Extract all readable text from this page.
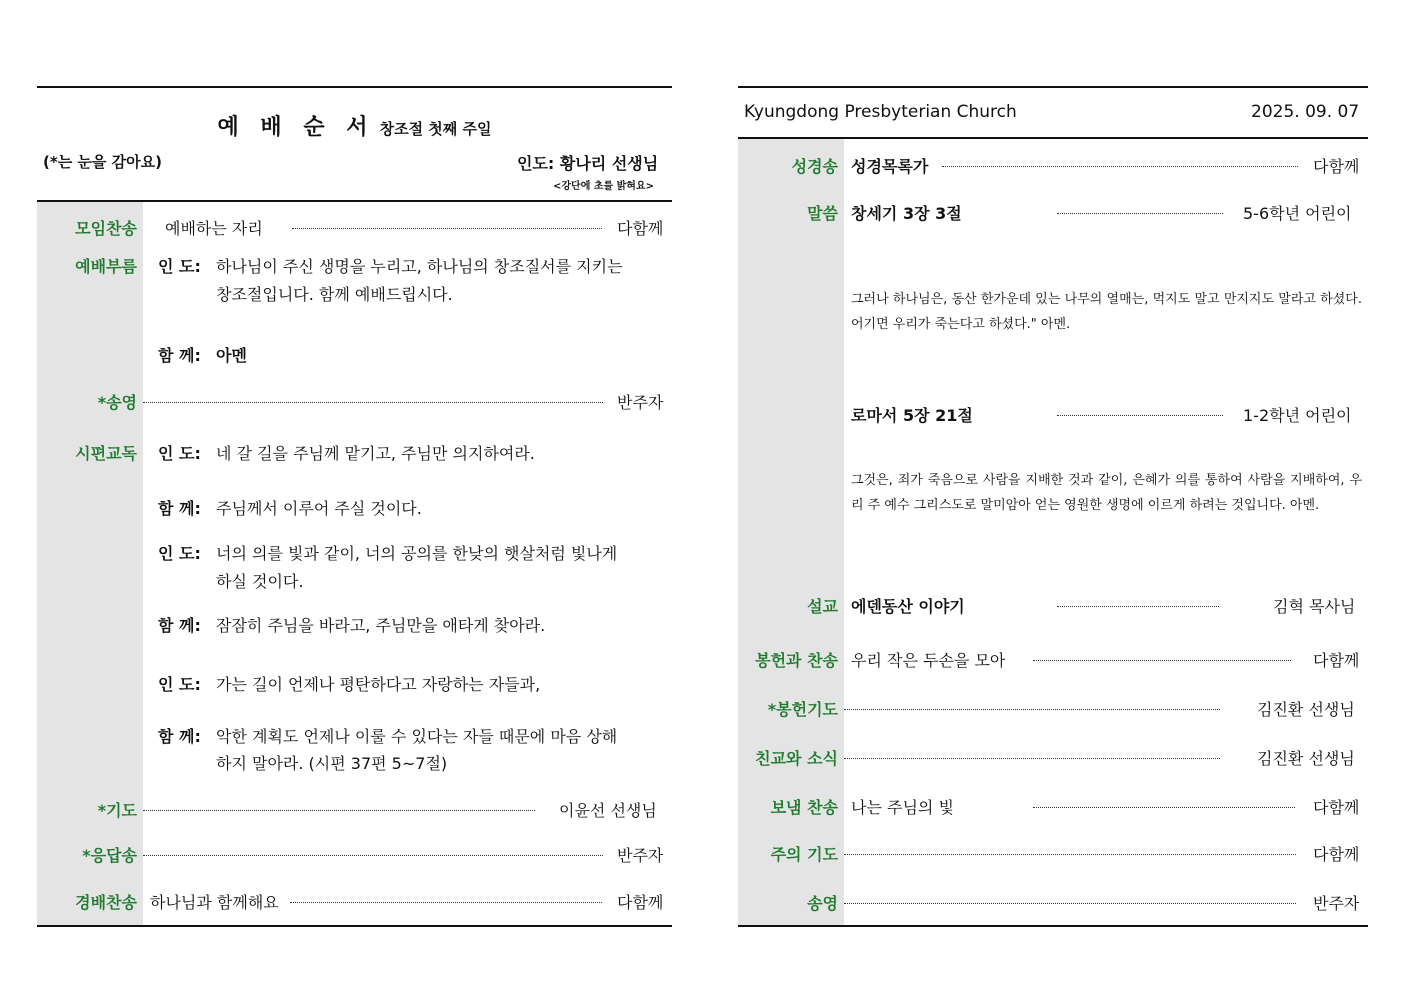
예 배 순 서 창조절 첫째 주일
(*는 눈을 감아요)	인도: 황나리 선생님
<강단에 초를 밝혀요>
모임찬송 예배하는 자리	다함께
예배부름 인 도: 하나님이 주신 생명을 누리고, 하나님의 창조질서를 지키는
창조절입니다. 함께 예배드립시다.
함 께: 아멘
*송영	반주자
시편교독 인 도: 네 갈 길을 주님께 맡기고, 주님만 의지하여라.
함 께: 주님께서 이루어 주실 것이다.
인 도: 너의 의를 빛과 같이, 너의 공의를 한낮의 햇살처럼 빛나게
하실 것이다.
함 께: 잠잠히 주님을 바라고, 주님만을 애타게 찾아라.
인 도: 가는 길이 언제나 평탄하다고 자랑하는 자들과,
함 께: 악한 계획도 언제나 이룰 수 있다는 자들 때문에 마음 상해
하지 말아라. (시편 37편 5~7절)
*기도	이윤선 선생님
*응답송	반주자
경배찬송 하나님과 함께해요	다함께
Kyungdong Presbyterian Church	2025. 09. 07
성경송 성경목록가	다함께
말씀 창세기 3장 3절	5-6학년 어린이
그러나 하나님은, 동산 한가운데 있는 나무의 열매는, 먹지도 말고 만지지도 말라고 하셨다. 어기면 우리가 죽는다고 하셨다." 아멘.
로마서 5장 21절	1-2학년 어린이
그것은, 죄가 죽음으로 사람을 지배한 것과 같이, 은혜가 의를 통하여 사람을 지배하여, 우리 주 예수 그리스도로 말미암아 얻는 영원한 생명에 이르게 하려는 것입니다. 아멘.
설교 에덴동산 이야기	김혁 목사님
봉헌과 찬송 우리 작은 두손을 모아	다함께
*봉헌기도	김진환 선생님
친교와 소식	김진환 선생님
보냄 찬송 나는 주님의 빛	다함께
주의 기도	다함께
송영	반주자
